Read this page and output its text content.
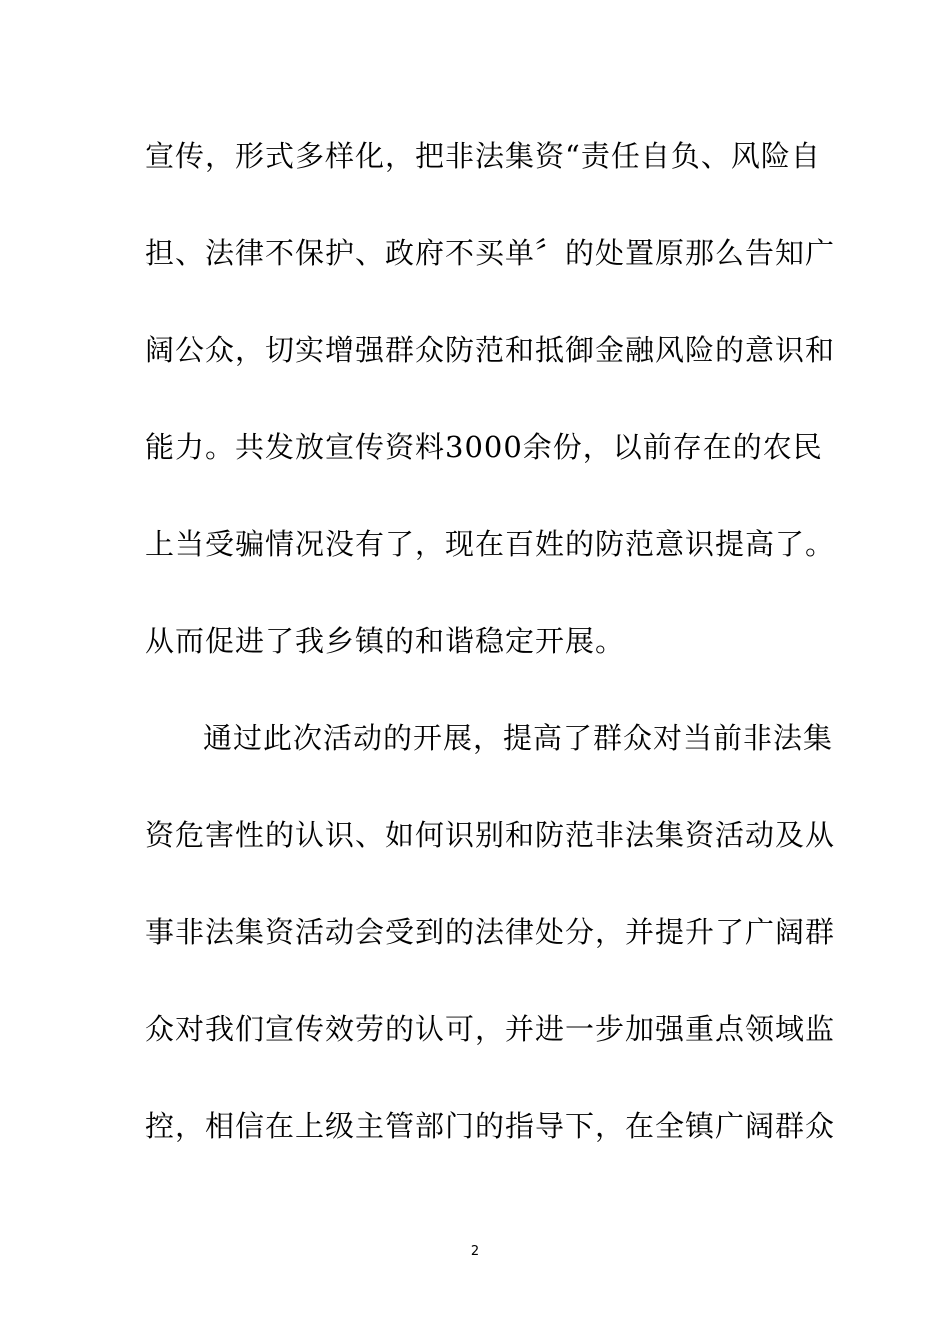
宣传，形式多样化，把非法集资“责任自负、风险自
担、法律不保护、政府不买单〞的处置原那么告知广
阔公众，切实增强群众防范和抵御金融风险的意识和
能力。共发放宣传资料3000余份，以前存在的农民
上当受骗情况没有了，现在百姓的防范意识提高了。
从而促进了我乡镇的和谐稳定开展。
通过此次活动的开展，提高了群众对当前非法集
资危害性的认识、如何识别和防范非法集资活动及从
事非法集资活动会受到的法律处分，并提升了广阔群
众对我们宣传效劳的认可，并进一步加强重点领域监
控，相信在上级主管部门的指导下，在全镇广阔群众
2
